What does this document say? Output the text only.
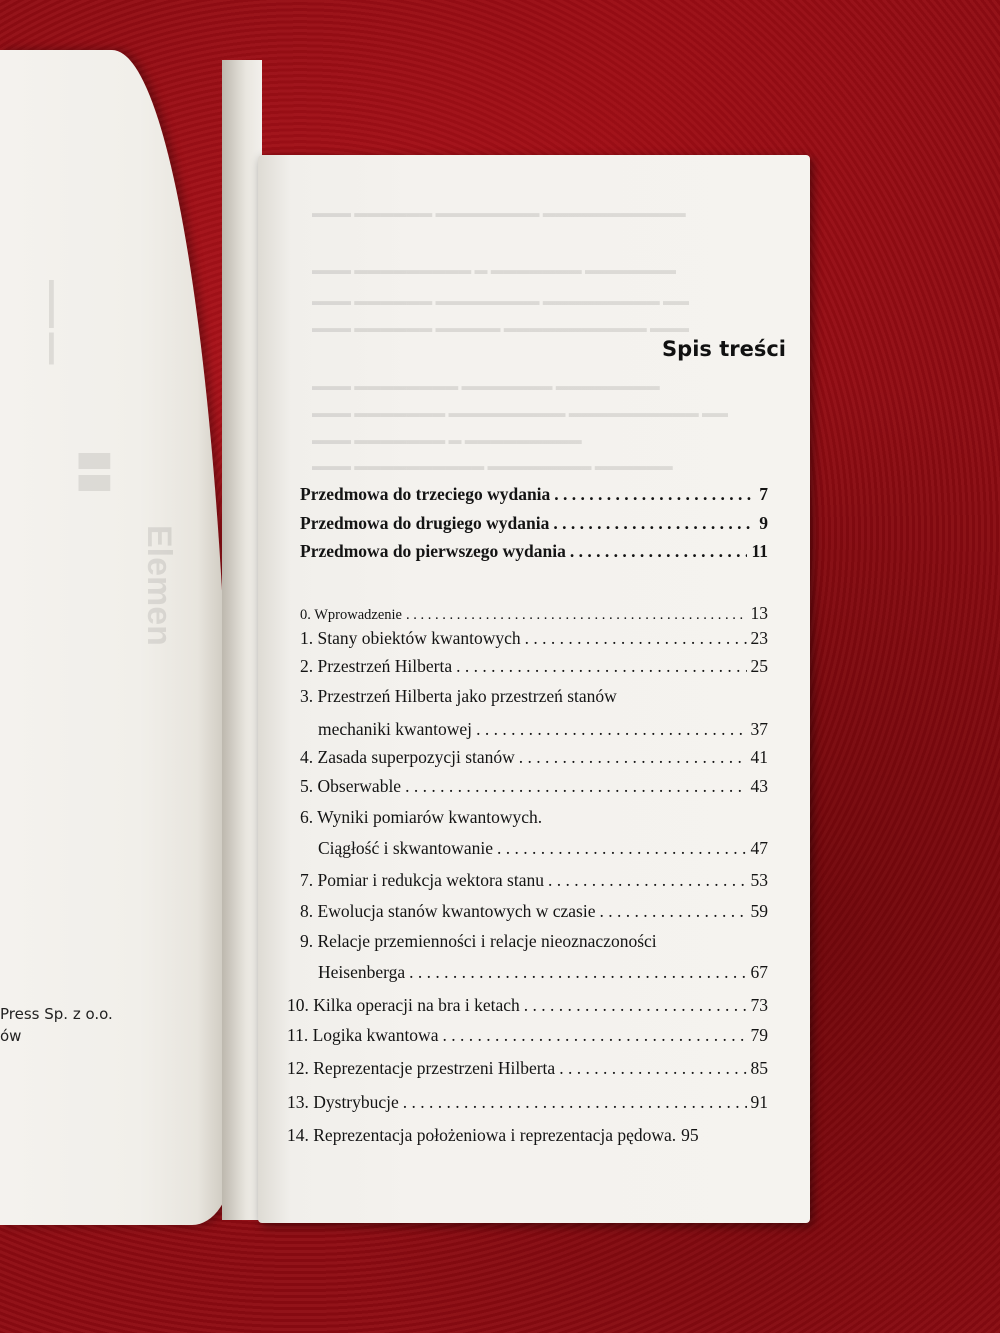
Elemen
▮▮
▬▬▬ ▬▬
Press Sp. z o.o.
ów
▬▬▬ ▬▬▬▬▬▬ ▬▬▬▬▬▬▬▬ ▬▬▬▬▬▬▬▬▬▬▬
▬▬▬ ▬▬▬▬▬▬▬▬▬ ▬ ▬▬▬▬▬▬▬ ▬▬▬▬▬▬▬
▬▬▬ ▬▬▬▬▬▬ ▬▬▬▬▬▬▬▬ ▬▬▬▬▬▬▬▬▬ ▬▬
▬▬▬ ▬▬▬▬▬▬ ▬▬▬▬▬ ▬▬▬▬▬▬▬▬▬▬▬ ▬▬▬
▬▬▬ ▬▬▬▬▬▬▬▬ ▬▬▬▬▬▬▬ ▬▬▬▬▬▬▬▬
▬▬▬ ▬▬▬▬▬▬▬ ▬▬▬▬▬▬▬▬▬ ▬▬▬▬▬▬▬▬▬▬ ▬▬
▬▬▬ ▬▬▬▬▬▬▬ ▬ ▬▬▬▬▬▬▬▬▬
▬▬▬ ▬▬▬▬▬▬▬▬▬▬ ▬▬▬▬▬▬▬▬ ▬▬▬▬▬▬
Spis treści
Przedmowa do trzeciego wydania . . .	7
Przedmowa do drugiego wydania . . .	9
Przedmowa do pierwszego wydania . . .	11
0. Wprowadzenie . . .	13
1. Stany obiektów kwantowych . . .	23
2. Przestrzeń Hilberta . . .	25
3. Przestrzeń Hilberta jako przestrzeń stanów
mechaniki kwantowej . . .	37
4. Zasada superpozycji stanów . . .	41
5. Obserwable . . .	43
6. Wyniki pomiarów kwantowych.
Ciągłość i skwantowanie . . .	47
7. Pomiar i redukcja wektora stanu . . .	53
8. Ewolucja stanów kwantowych w czasie . . .	59
9. Relacje przemienności i relacje nieoznaczoności
Heisenberga . . .	67
10. Kilka operacji na bra i ketach . . .	73
11. Logika kwantowa . . .	79
12. Reprezentacje przestrzeni Hilberta . . .	85
13. Dystrybucje . . .	91
14. Reprezentacja położeniowa i reprezentacja pędowa. 95
